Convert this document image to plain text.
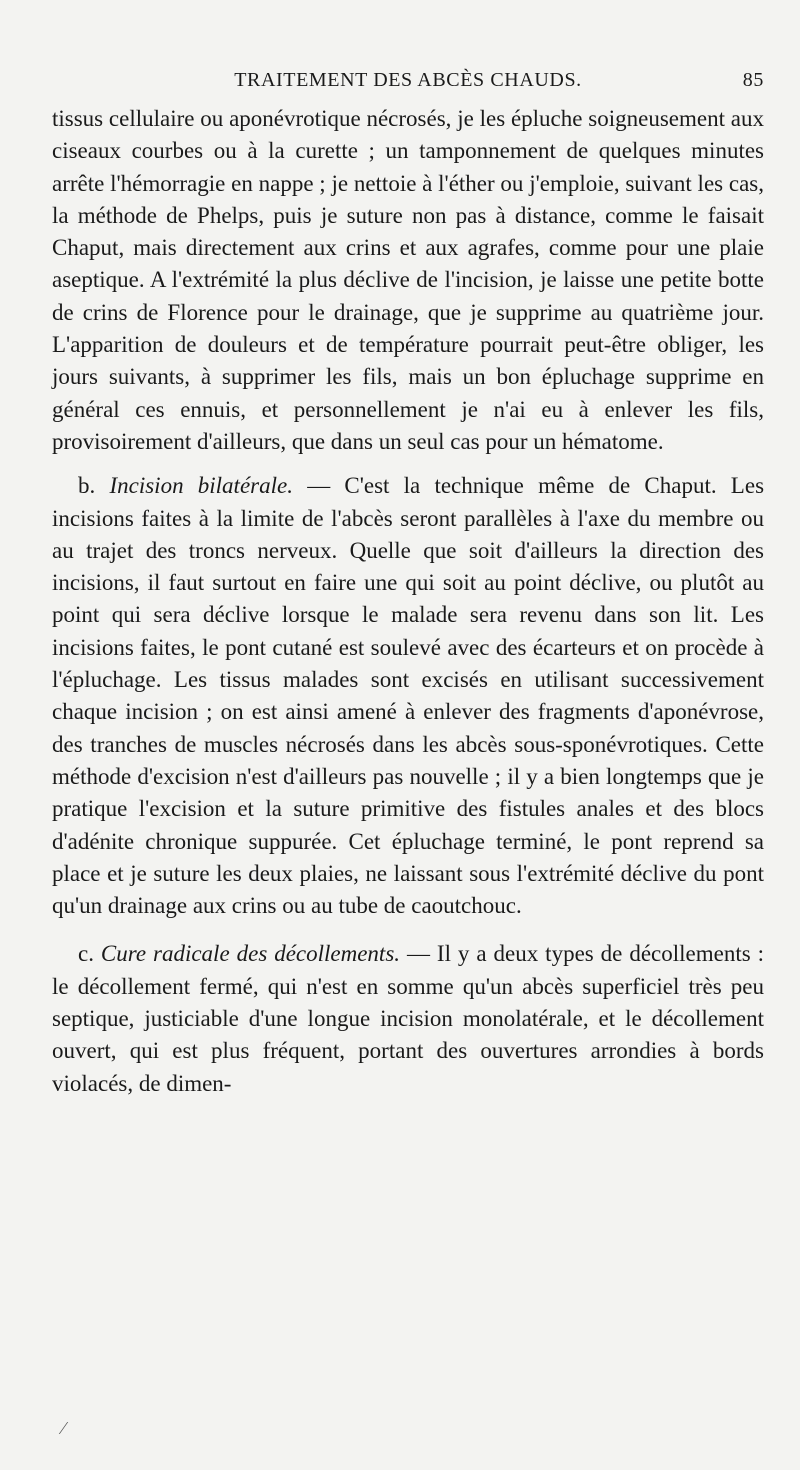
TRAITEMENT DES ABCÈS CHAUDS.	85

tissus cellulaire ou aponévrotique nécrosés, je les épluche soigneusement aux ciseaux courbes ou à la curette ; un tamponnement de quelques minutes arrête l'hémorragie en nappe ; je nettoie à l'éther ou j'emploie, suivant les cas, la méthode de Phelps, puis je suture non pas à distance, comme le faisait Chaput, mais directement aux crins et aux agrafes, comme pour une plaie aseptique. A l'extrémité la plus déclive de l'incision, je laisse une petite botte de crins de Florence pour le drainage, que je supprime au quatrième jour. L'apparition de douleurs et de température pourrait peut-être obliger, les jours suivants, à supprimer les fils, mais un bon épluchage supprime en général ces ennuis, et personnellement je n'ai eu à enlever les fils, provisoirement d'ailleurs, que dans un seul cas pour un hématome.

b. Incision bilatérale. — C'est la technique même de Chaput. Les incisions faites à la limite de l'abcès seront parallèles à l'axe du membre ou au trajet des troncs nerveux. Quelle que soit d'ailleurs la direction des incisions, il faut surtout en faire une qui soit au point déclive, ou plutôt au point qui sera déclive lorsque le malade sera revenu dans son lit. Les incisions faites, le pont cutané est soulevé avec des écarteurs et on procède à l'épluchage. Les tissus malades sont excisés en utilisant successivement chaque incision ; on est ainsi amené à enlever des fragments d'aponévrose, des tranches de muscles nécrosés dans les abcès sous-sponévrotiques. Cette méthode d'excision n'est d'ailleurs pas nouvelle ; il y a bien longtemps que je pratique l'excision et la suture primitive des fistules anales et des blocs d'adénite chronique suppurée. Cet épluchage terminé, le pont reprend sa place et je suture les deux plaies, ne laissant sous l'extrémité déclive du pont qu'un drainage aux crins ou au tube de caoutchouc.

c. Cure radicale des décollements. — Il y a deux types de décollements : le décollement fermé, qui n'est en somme qu'un abcès superficiel très peu septique, justiciable d'une longue incision monolatérale, et le décollement ouvert, qui est plus fréquent, portant des ouvertures arrondies à bords violacés, de dimen-

⁄
